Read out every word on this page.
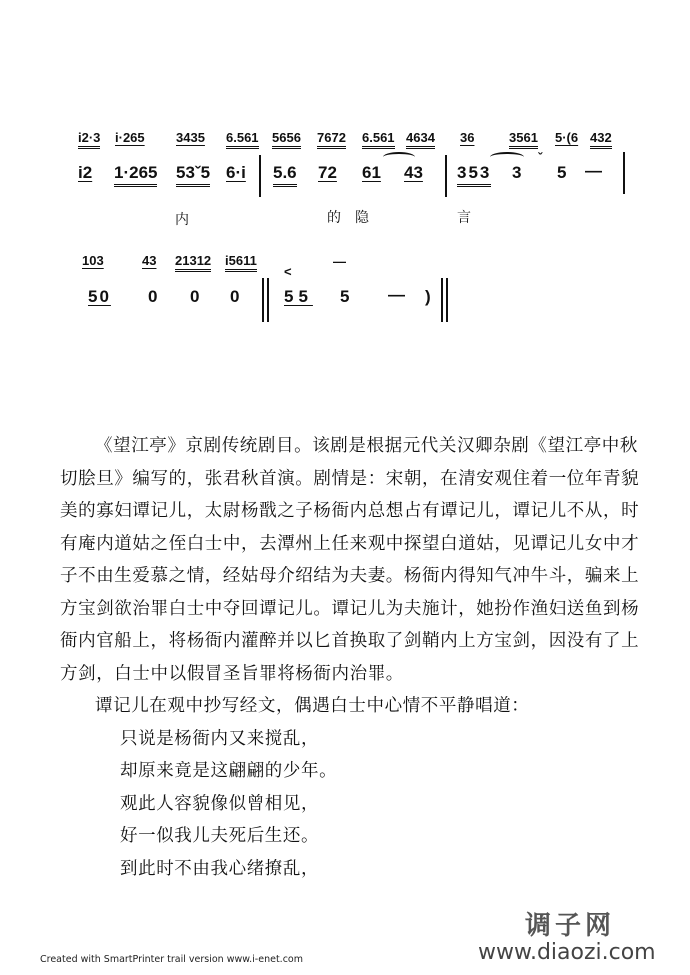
i2·3 i·265 3435 6.561 5656 7672 6.561 4634 36	3561 5·(6 432
i2 1·265 53ˇ5 6·i 5.6 72 61 43 353 3
ˇ
5 —
内	的 隐	言
103	43 21312 i5611
50 0 0 0
<
—
55 5 — )

《望江亭》京剧传统剧目。该剧是根据元代关汉卿杂剧《望江亭中秋切脍旦》编写的，张君秋首演。剧情是：宋朝，在清安观住着一位年青貌美的寡妇谭记儿，太尉杨戬之子杨衙内总想占有谭记儿，谭记儿不从，时有庵内道姑之侄白士中，去潭州上任来观中探望白道姑，见谭记儿女中才子不由生爱慕之情，经姑母介绍结为夫妻。杨衙内得知气冲牛斗，骗来上方宝剑欲治罪白士中夺回谭记儿。谭记儿为夫施计，她扮作渔妇送鱼到杨衙内官船上，将杨衙内灌醉并以匕首换取了剑鞘内上方宝剑，因没有了上方剑，白士中以假冒圣旨罪将杨衙内治罪。

谭记儿在观中抄写经文，偶遇白士中心情不平静唱道：

只说是杨衙内又来搅乱，

却原来竟是这翩翩的少年。

观此人容貌像似曾相见，

好一似我儿夫死后生还。

到此时不由我心绪撩乱，

Created with SmartPrinter trail version www.i-enet.com
调子网
www.diaozi.com
